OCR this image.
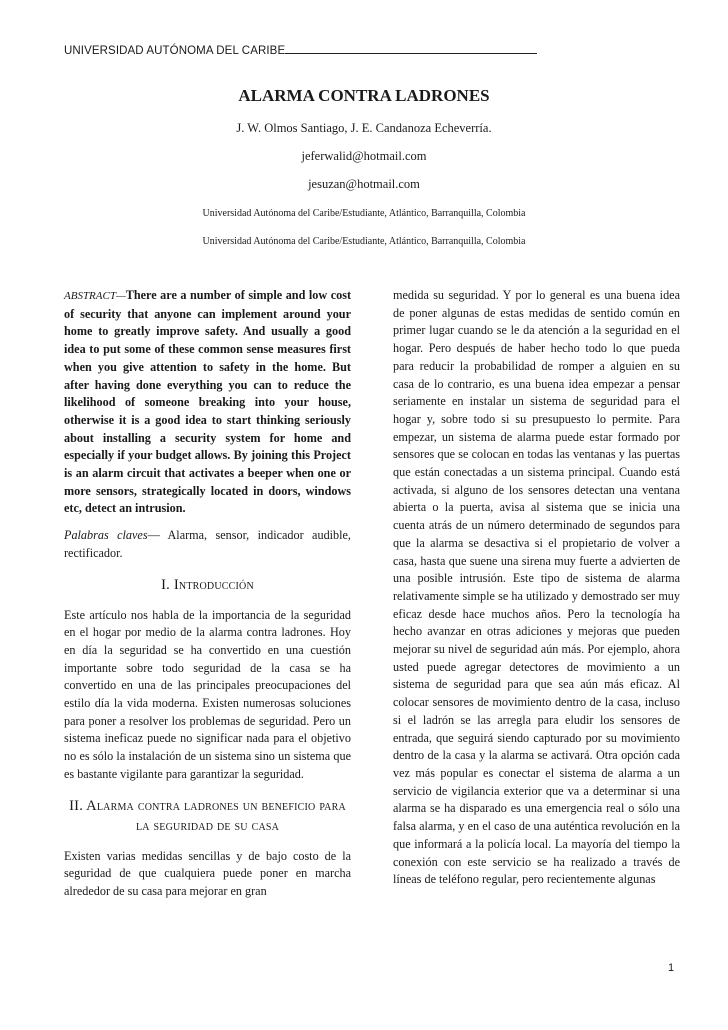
UNIVERSIDAD AUTÓNOMA DEL CARIBE
ALARMA CONTRA LADRONES
J. W. Olmos Santiago, J. E. Candanoza Echeverría.
jeferwalid@hotmail.com
jesuzan@hotmail.com
Universidad Autónoma del Caribe/Estudiante, Atlántico, Barranquilla, Colombia
Universidad Autónoma del Caribe/Estudiante, Atlántico, Barranquilla, Colombia

ABSTRACT—There are a number of simple and low cost of security that anyone can implement around your home to greatly improve safety. And usually a good idea to put some of these common sense measures first when you give attention to safety in the home. But after having done everything you can to reduce the likelihood of someone breaking into your house, otherwise it is a good idea to start thinking seriously about installing a security system for home and especially if your budget allows. By joining this Project is an alarm circuit that activates a beeper when one or more sensors, strategically located in doors, windows etc, detect an intrusion.

Palabras claves— Alarma, sensor, indicador audible, rectificador.

I. Introducción

Este artículo nos habla de la importancia de la seguridad en el hogar por medio de la alarma contra ladrones. Hoy en día la seguridad se ha convertido en una cuestión importante sobre todo seguridad de la casa se ha convertido en una de las principales preocupaciones del estilo día la vida moderna. Existen numerosas soluciones para poner a resolver los problemas de seguridad. Pero un sistema ineficaz puede no significar nada para el objetivo no es sólo la instalación de un sistema sino un sistema que es bastante vigilante para garantizar la seguridad.

II. Alarma contra ladrones un beneficio para la seguridad de su casa

Existen varias medidas sencillas y de bajo costo de la seguridad de que cualquiera puede poner en marcha alrededor de su casa para mejorar en gran

medida su seguridad. Y por lo general es una buena idea de poner algunas de estas medidas de sentido común en primer lugar cuando se le da atención a la seguridad en el hogar. Pero después de haber hecho todo lo que pueda para reducir la probabilidad de romper a alguien en su casa de lo contrario, es una buena idea empezar a pensar seriamente en instalar un sistema de seguridad para el hogar y, sobre todo si su presupuesto lo permite. Para empezar, un sistema de alarma puede estar formado por sensores que se colocan en todas las ventanas y las puertas que están conectadas a un sistema principal. Cuando está activada, si alguno de los sensores detectan una ventana abierta o la puerta, avisa al sistema que se inicia una cuenta atrás de un número determinado de segundos para que la alarma se desactiva si el propietario de volver a casa, hasta que suene una sirena muy fuerte a advierten de una posible intrusión. Este tipo de sistema de alarma relativamente simple se ha utilizado y demostrado ser muy eficaz desde hace muchos años. Pero la tecnología ha hecho avanzar en otras adiciones y mejoras que pueden mejorar su nivel de seguridad aún más. Por ejemplo, ahora usted puede agregar detectores de movimiento a un sistema de seguridad para que sea aún más eficaz. Al colocar sensores de movimiento dentro de la casa, incluso si el ladrón se las arregla para eludir los sensores de entrada, que seguirá siendo capturado por su movimiento dentro de la casa y la alarma se activará. Otra opción cada vez más popular es conectar el sistema de alarma a un servicio de vigilancia exterior que va a determinar si una alarma se ha disparado es una emergencia real o sólo una falsa alarma, y en el caso de una auténtica revolución en la que informará a la policía local. La mayoría del tiempo la conexión con este servicio se ha realizado a través de líneas de teléfono regular, pero recientemente algunas

1
